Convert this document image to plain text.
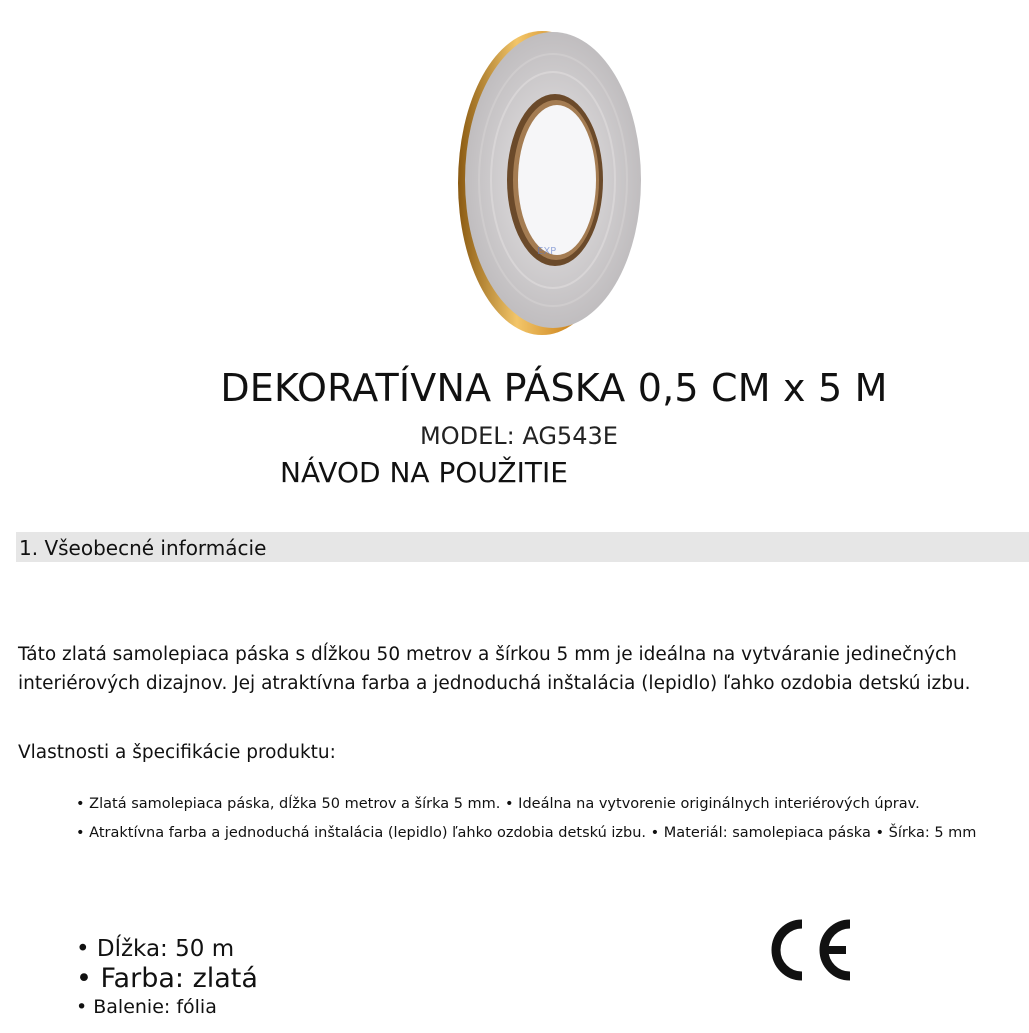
EXP
DEKORATÍVNA PÁSKA 0,5 CM x 5 M
MODEL: AG543E
NÁVOD NA POUŽITIE
1. Všeobecné informácie
Táto zlatá samolepiaca páska s dĺžkou 50 metrov a šírkou 5 mm je ideálna na vytváranie jedinečných interiérových dizajnov. Jej atraktívna farba a jednoduchá inštalácia (lepidlo) ľahko ozdobia detskú izbu.
Vlastnosti a špecifikácie produktu:
• Zlatá samolepiaca páska, dĺžka 50 metrov a šírka 5 mm. • Ideálna na vytvorenie originálnych interiérových úprav.
• Atraktívna farba a jednoduchá inštalácia (lepidlo) ľahko ozdobia detskú izbu. • Materiál: samolepiaca páska • Šírka: 5 mm
• Dĺžka: 50 m
• Farba: zlatá
• Balenie: fólia
